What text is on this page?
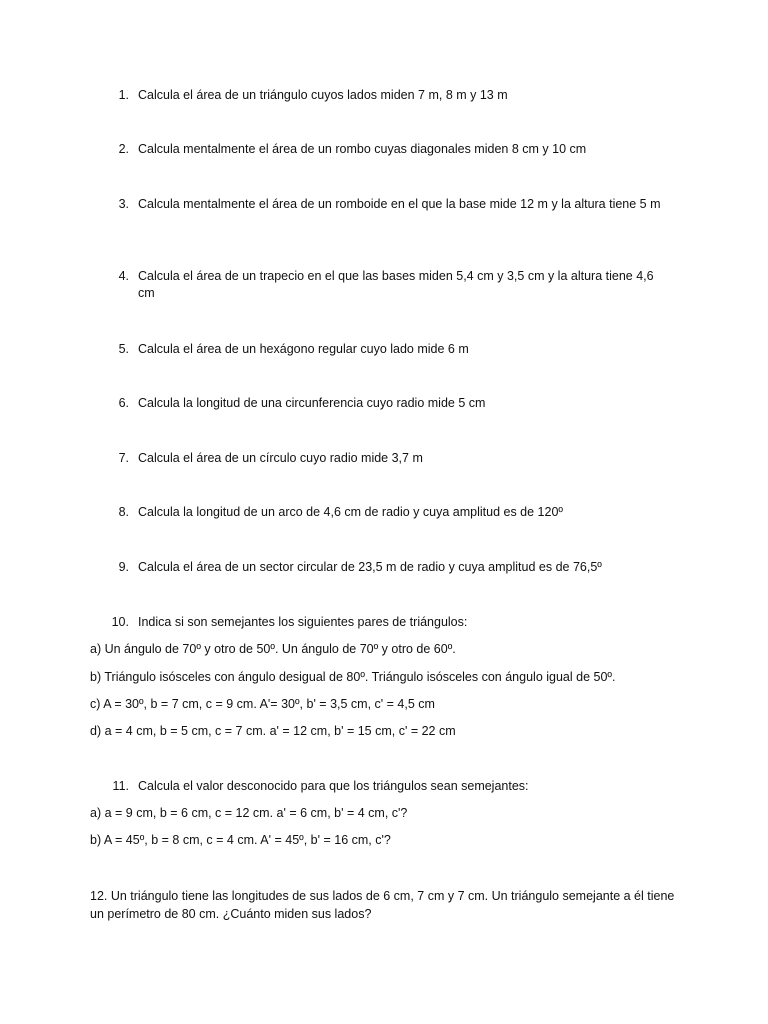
1. Calcula el área de un triángulo cuyos lados miden 7 m, 8 m y 13 m
2. Calcula mentalmente el área de un rombo cuyas diagonales miden 8 cm y 10 cm
3. Calcula mentalmente el área de un romboide en el que la base mide 12 m y la altura tiene 5 m
4. Calcula el área de un trapecio en el que las bases miden 5,4 cm y 3,5 cm y la altura tiene 4,6 cm
5. Calcula el área de un hexágono regular cuyo lado mide 6 m
6. Calcula la longitud de una circunferencia cuyo radio mide 5 cm
7. Calcula el área de un círculo cuyo radio mide 3,7 m
8. Calcula la longitud de un arco de 4,6 cm de radio y cuya amplitud es de 120º
9. Calcula el área de un sector circular de 23,5 m de radio y cuya amplitud es de 76,5º
10. Indica si son semejantes los siguientes pares de triángulos:
a) Un ángulo de 70º y otro de 50º. Un ángulo de 70º y otro de 60º.
b) Triángulo isósceles con ángulo desigual de 80º. Triángulo isósceles con ángulo igual de 50º.
c) A = 30º, b = 7 cm, c = 9 cm. A'= 30º, b' = 3,5 cm, c' = 4,5 cm
d) a = 4 cm, b = 5 cm, c = 7 cm. a' = 12 cm, b' = 15 cm, c' = 22 cm
11. Calcula el valor desconocido para que los triángulos sean semejantes:
a) a = 9 cm, b = 6 cm, c = 12 cm. a' = 6 cm, b' = 4 cm, c'?
b) A = 45º, b = 8 cm, c = 4 cm. A' = 45º, b' = 16 cm, c'?
12. Un triángulo tiene las longitudes de sus lados de 6 cm, 7 cm y 7 cm. Un triángulo semejante a él tiene un perímetro de 80 cm. ¿Cuánto miden sus lados?
